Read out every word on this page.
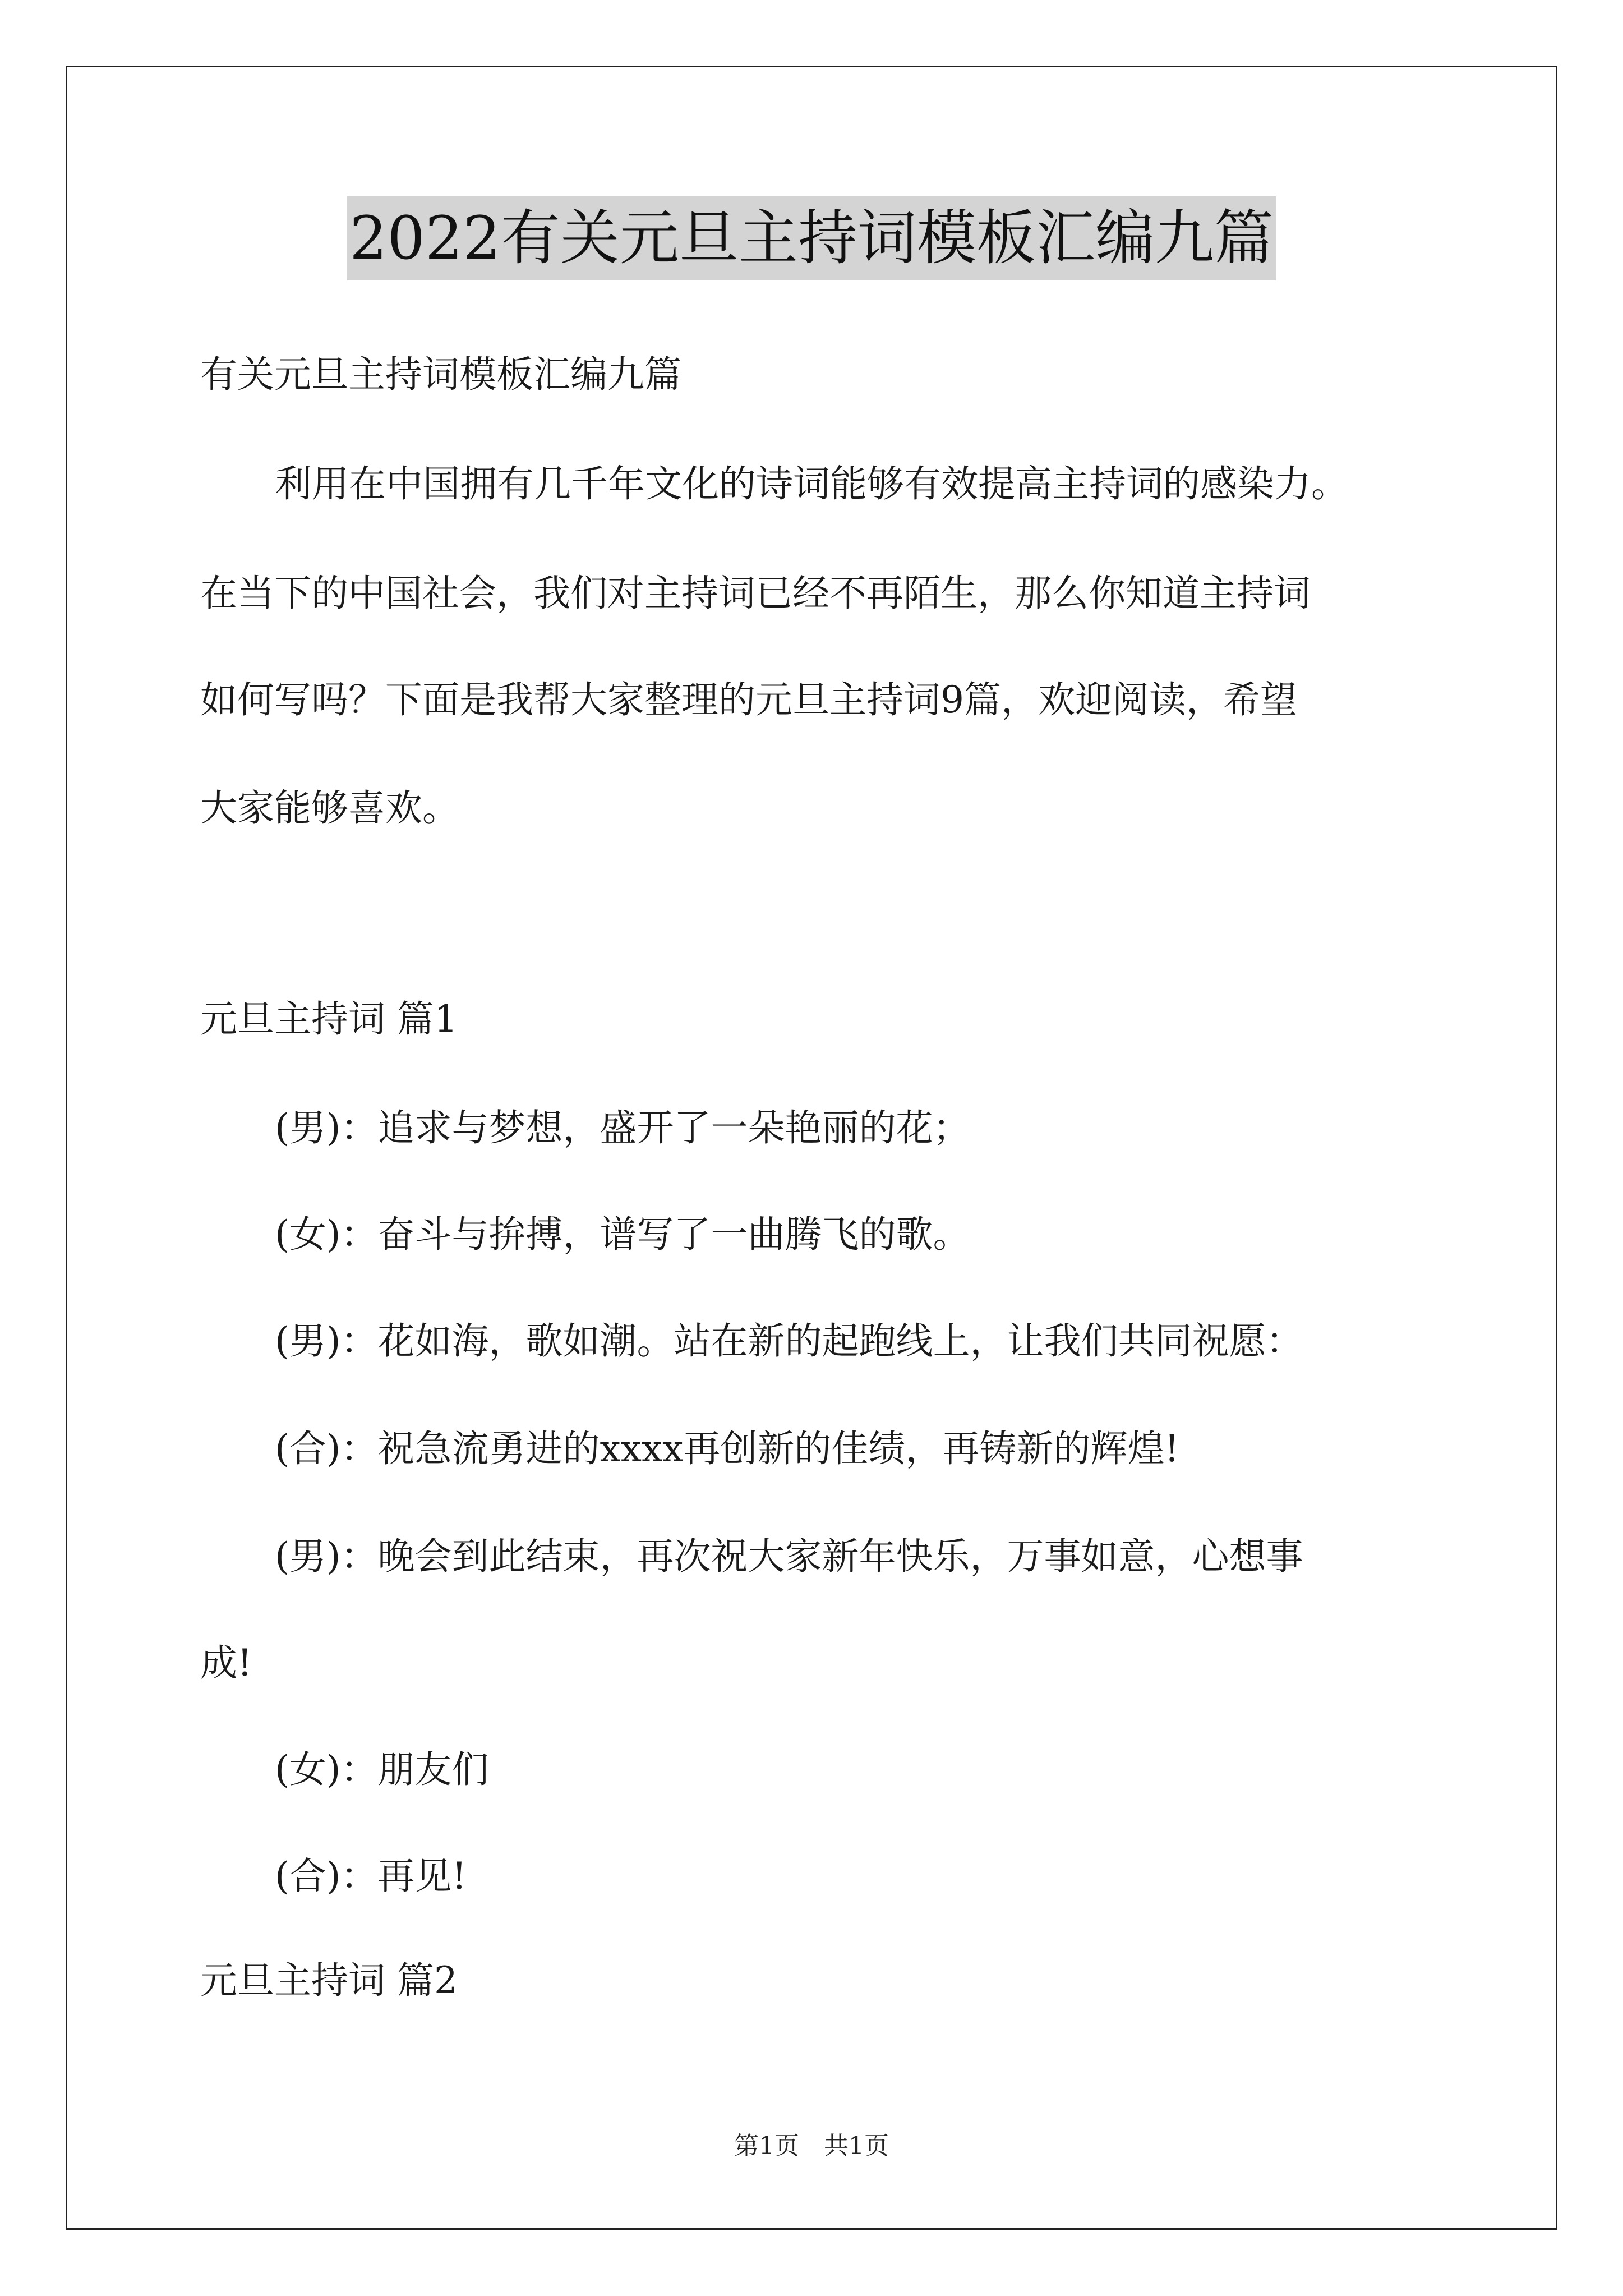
2022有关元旦主持词模板汇编九篇
有关元旦主持词模板汇编九篇
利用在中国拥有几千年文化的诗词能够有效提高主持词的感染力。
在当下的中国社会，我们对主持词已经不再陌生，那么你知道主持词
如何写吗？下面是我帮大家整理的元旦主持词9篇，欢迎阅读，希望
大家能够喜欢。
元旦主持词 篇1
(男)：追求与梦想，盛开了一朵艳丽的花；
(女)：奋斗与拚搏，谱写了一曲腾飞的歌。
(男)：花如海，歌如潮。站在新的起跑线上，让我们共同祝愿：
(合)：祝急流勇进的xxxx再创新的佳绩，再铸新的辉煌!
(男)：晚会到此结束，再次祝大家新年快乐，万事如意，心想事
成!
(女)：朋友们
(合)：再见!
元旦主持词 篇2
第1页　共1页
